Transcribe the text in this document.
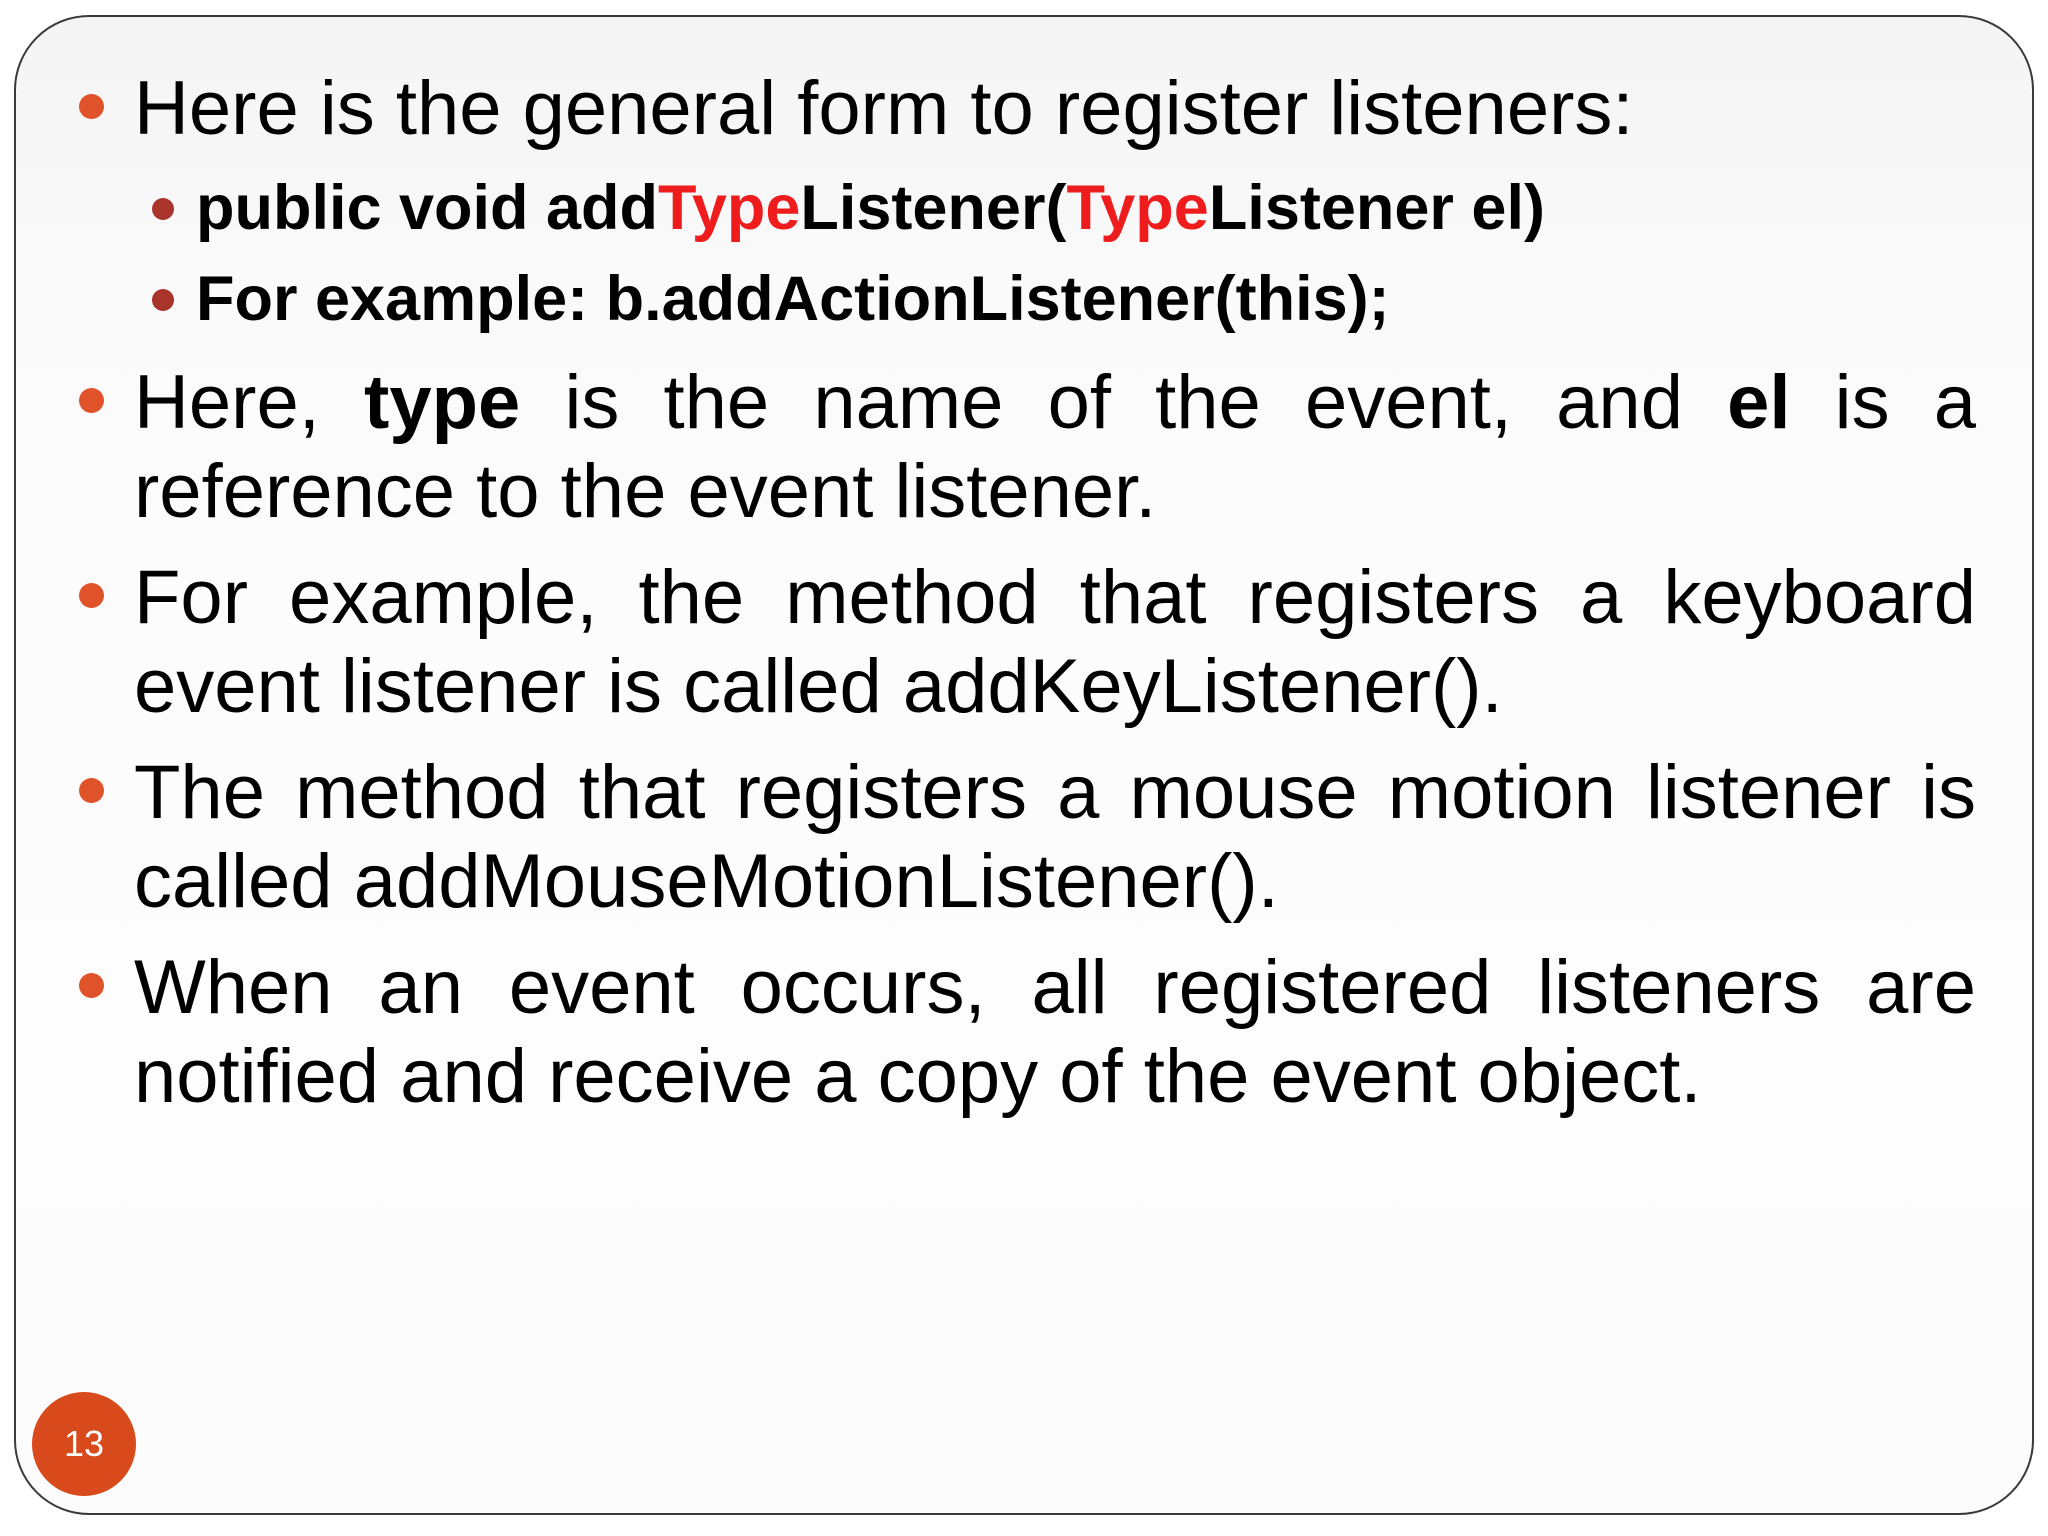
Here is the general form to register listeners:
public void addTypeListener(TypeListener el)
For example: b.addActionListener(this);
Here, type is the name of the event, and el is a reference to the event listener.
For example, the method that registers a keyboard event listener is called addKeyListener().
The method that registers a mouse motion listener is called addMouseMotionListener().
When an event occurs, all registered listeners are notified and receive a copy of the event object.
13
